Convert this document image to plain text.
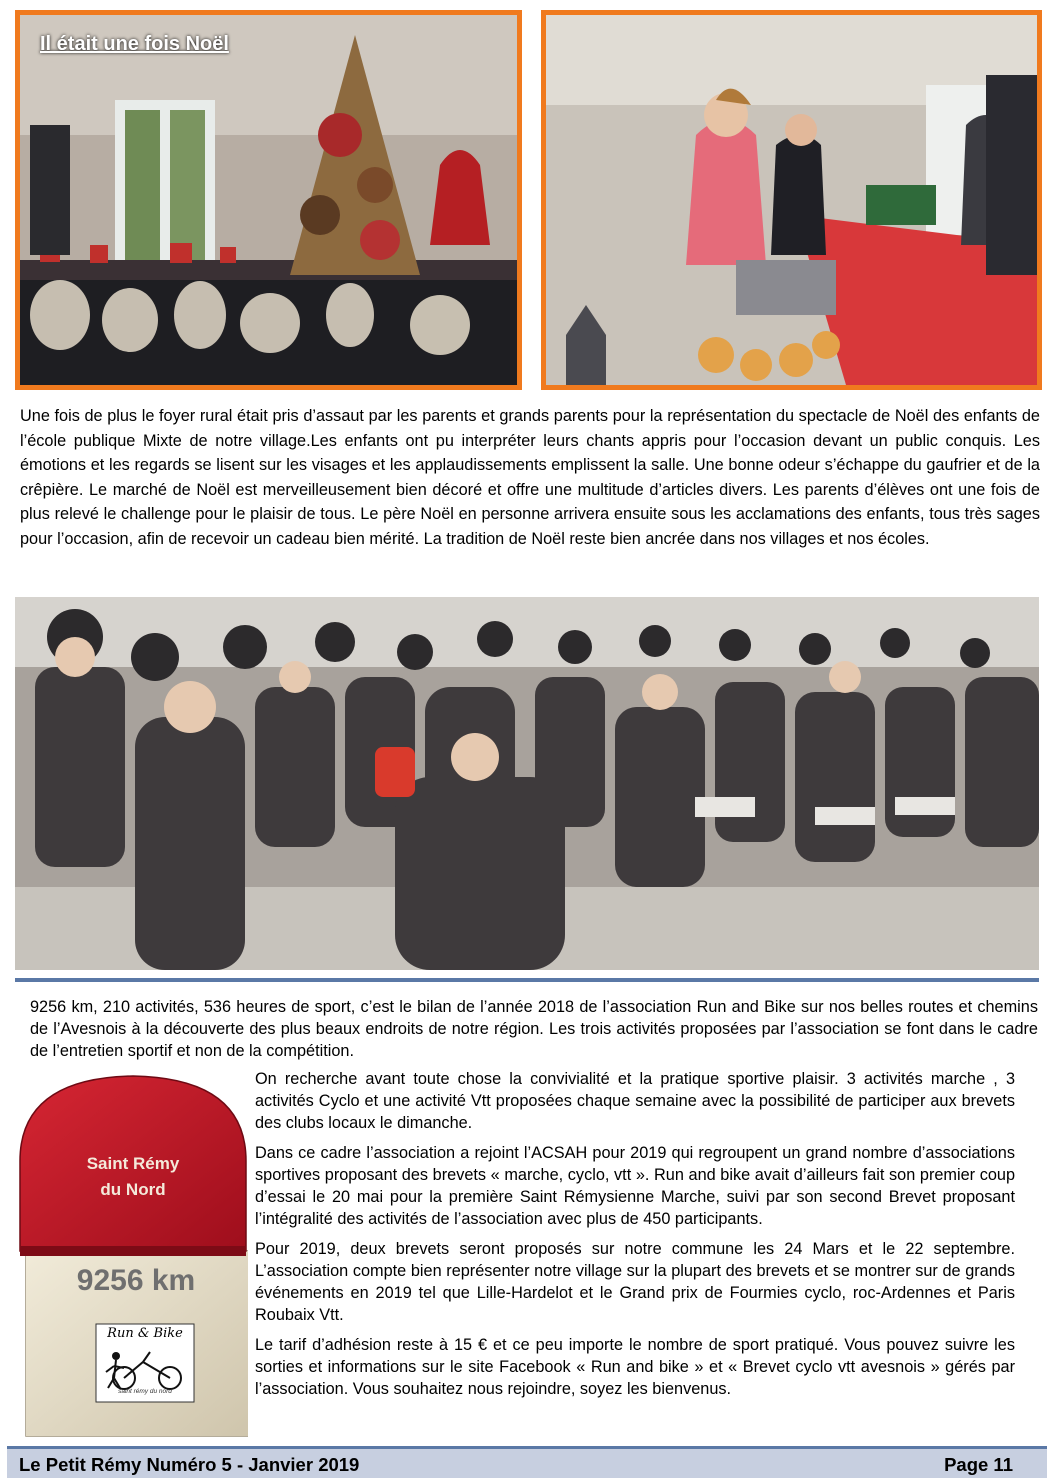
Il était une fois Noël

Une fois de plus le foyer rural était pris d’assaut par les parents et grands parents pour la représentation du spectacle de Noël des enfants de l’école publique Mixte de notre village.Les enfants ont pu interpréter leurs chants appris pour l’occasion devant un public conquis. Les émotions et les regards se lisent sur les visages et les applaudissements emplissent la salle. Une bonne odeur s’échappe du gaufrier et de la crêpière. Le marché de Noël est merveilleusement bien décoré et offre une multitude d’articles divers. Les parents d’élèves ont une fois de plus relevé le challenge pour le plaisir de tous. Le père Noël en personne arrivera ensuite sous les acclamations des enfants, tous très sages pour l’occasion, afin de recevoir un cadeau bien mérité. La tradition de Noël reste bien ancrée dans nos villages et nos écoles.

9256 km, 210 activités, 536 heures de sport, c’est le bilan de l’année 2018 de l’association Run and Bike sur nos belles routes et chemins de l’Avesnois à la découverte des plus beaux endroits de notre région. Les trois activités proposées par l’association se font dans le cadre de l’entretien sportif et non de la compétition.

Saint Rémy
du Nord
9256 km
Run & Bike
saint rémy du nord

On recherche avant toute chose la convivialité et la pratique sportive plaisir. 3 activités marche , 3 activités Cyclo et une activité Vtt proposées chaque semaine avec la possibilité de participer aux brevets des clubs locaux le dimanche.

Dans ce cadre l’association a rejoint l’ACSAH pour 2019 qui regroupent un grand nombre d’associations sportives proposant des brevets « marche, cyclo, vtt ». Run and bike avait d’ailleurs fait son premier coup d’essai le 20 mai pour la première Saint Rémysienne Marche, suivi par son second Brevet proposant l’intégralité des activités de l’association avec plus de 450 participants.

Pour 2019, deux brevets seront proposés sur notre commune les 24 Mars et le 22 septembre. L’association compte bien représenter notre village sur la plupart des brevets et se montrer sur de grands événements en 2019 tel que Lille-Hardelot et le Grand prix de Fourmies cyclo, roc-Ardennes et Paris Roubaix Vtt.

Le tarif d’adhésion reste à 15 € et ce peu importe le nombre de sport pratiqué. Vous pouvez suivre les sorties et informations sur le site Facebook « Run and bike » et « Brevet cyclo vtt avesnois » gérés par l’association. Vous souhaitez nous rejoindre, soyez les bienvenus.

Le Petit Rémy Numéro 5 - Janvier 2019	Page 11
